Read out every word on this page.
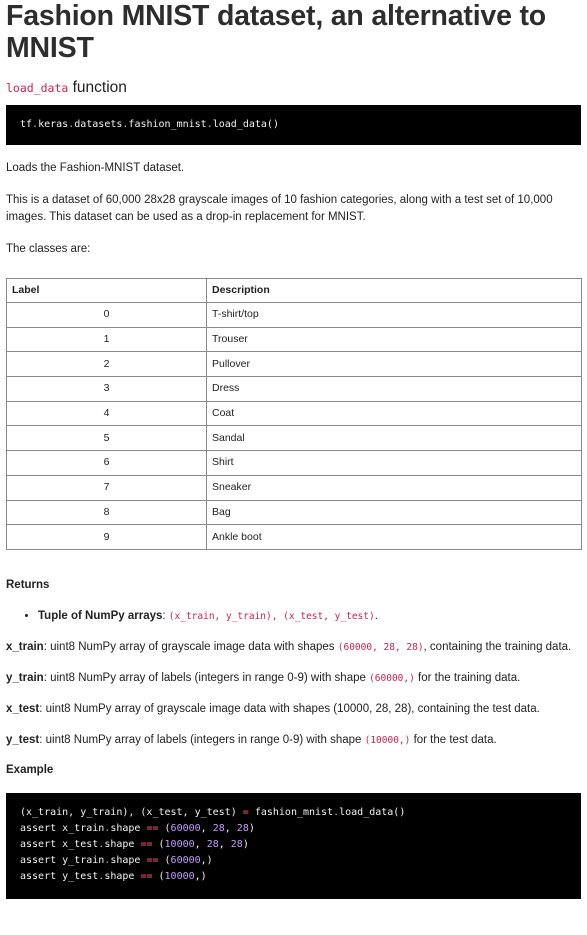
Fashion MNIST dataset, an alternative to MNIST
load_data function
tf.keras.datasets.fashion_mnist.load_data()

Loads the Fashion-MNIST dataset.

This is a dataset of 60,000 28x28 grayscale images of 10 fashion categories, along with a test set of 10,000 images. This dataset can be used as a drop-in replacement for MNIST.

The classes are:

Label	Description
0	T-shirt/top
1	Trouser
2	Pullover
3	Dress
4	Coat
5	Sandal
6	Shirt
7	Sneaker
8	Bag
9	Ankle boot
Returns
• Tuple of NumPy arrays: (x_train, y_train), (x_test, y_test).
x_train: uint8 NumPy array of grayscale image data with shapes (60000, 28, 28), containing the training data.
y_train: uint8 NumPy array of labels (integers in range 0-9) with shape (60000,) for the training data.
x_test: uint8 NumPy array of grayscale image data with shapes (10000, 28, 28), containing the test data.
y_test: uint8 NumPy array of labels (integers in range 0-9) with shape (10000,) for the test data.
Example
(x_train, y_train), (x_test, y_test) = fashion_mnist.load_data()
assert x_train.shape == (60000, 28, 28)
assert x_test.shape == (10000, 28, 28)
assert y_train.shape == (60000,)
assert y_test.shape == (10000,)
